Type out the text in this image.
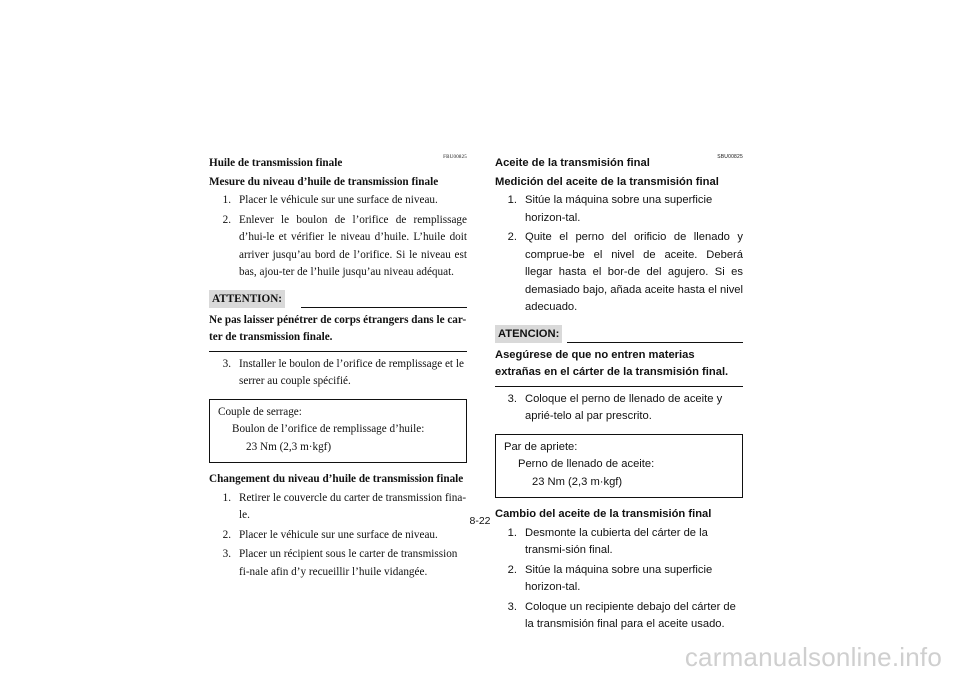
FBU00825

Huile de transmission finale

Mesure du niveau d’huile de transmission finale

1. Placer le véhicule sur une surface de niveau.
2. Enlever le boulon de l’orifice de remplissage d’hui-le et vérifier le niveau d’huile. L’huile doit arriver jusqu’au bord de l’orifice. Si le niveau est bas, ajou-ter de l’huile jusqu’au niveau adéquat.
ATTENTION:
Ne pas laisser pénétrer de corps étrangers dans le car-ter de transmission finale.
3. Installer le boulon de l’orifice de remplissage et le serrer au couple spécifié.
Couple de serrage:
Boulon de l’orifice de remplissage d’huile:
23 Nm (2,3 m·kgf)

Changement du niveau d’huile de transmission finale

1. Retirer le couvercle du carter de transmission fina-le.
2. Placer le véhicule sur une surface de niveau.
3. Placer un récipient sous le carter de transmission fi-nale afin d’y recueillir l’huile vidangée.
SBU00825

Aceite de la transmisión final

Medición del aceite de la transmisión final

1. Sitúe la máquina sobre una superficie horizon-tal.
2. Quite el perno del orificio de llenado y comprue-be el nivel de aceite. Deberá llegar hasta el bor-de del agujero. Si es demasiado bajo, añada aceite hasta el nivel adecuado.
ATENCION:
Asegúrese de que no entren materias extrañas en el cárter de la transmisión final.
3. Coloque el perno de llenado de aceite y aprié-telo al par prescrito.
Par de apriete:
Perno de llenado de aceite:
23 Nm (2,3 m·kgf)

Cambio del aceite de la transmisión final

1. Desmonte la cubierta del cárter de la transmi-sión final.
2. Sitúe la máquina sobre una superficie horizon-tal.
3. Coloque un recipiente debajo del cárter de la transmisión final para el aceite usado.
8-22
carmanualsonline.info
